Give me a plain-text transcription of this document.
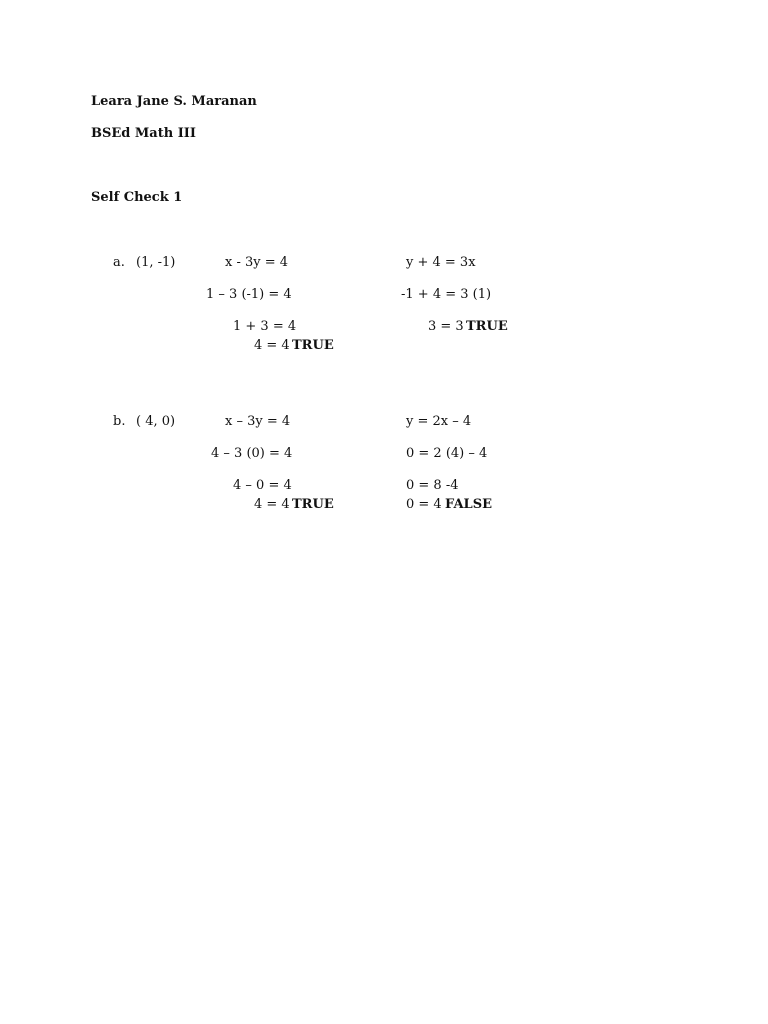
Leara Jane S. Maranan
BSEd Math III
Self Check 1
a. (1, -1)	x - 3y = 4
1 – 3 (-1) = 4
1 + 3 = 4
4 = 4 TRUE
y + 4 = 3x
-1 + 4 = 3 (1)
3 = 3 TRUE
b. ( 4, 0)	x – 3y = 4
4 – 3 (0) = 4
4 – 0 = 4
4 = 4 TRUE
y = 2x – 4
0 = 2 (4) – 4
0 = 8 -4
0 = 4 FALSE
